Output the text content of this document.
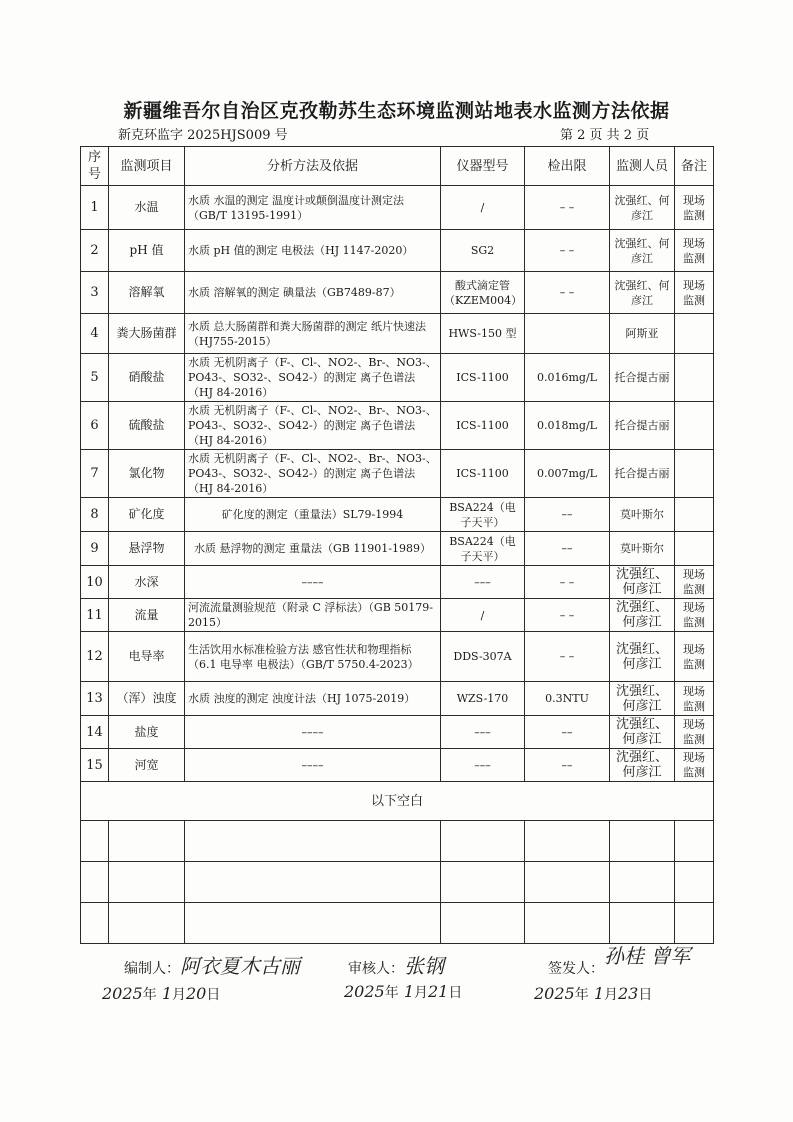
新疆维吾尔自治区克孜勒苏生态环境监测站地表水监测方法依据
新克环监字 2025HJS009 号	第 2 页 共 2 页
序号	监测项目	分析方法及依据	仪器型号	检出限	监测人员	备注
1	水温	水质 水温的测定 温度计或颠倒温度计测定法（GB/T 13195-1991）	/	– –	沈强红、何彦江	现场监测
2	pH 值	水质 pH 值的测定 电极法（HJ 1147-2020）	SG2	– –	沈强红、何彦江	现场监测
3	溶解氧	水质 溶解氧的测定 碘量法（GB7489-87）	酸式滴定管（KZEM004）	– –	沈强红、何彦江	现场监测
4	粪大肠菌群	水质 总大肠菌群和粪大肠菌群的测定 纸片快速法（HJ755-2015）	HWS-150 型		阿斯亚	
5	硝酸盐	水质 无机阴离子（F-、Cl-、NO2-、Br-、NO3-、PO43-、SO32-、SO42-）的测定 离子色谱法（HJ 84-2016）	ICS-1100	0.016mg/L	托合提古丽	
6	硫酸盐	水质 无机阴离子（F-、Cl-、NO2-、Br-、NO3-、PO43-、SO32-、SO42-）的测定 离子色谱法（HJ 84-2016）	ICS-1100	0.018mg/L	托合提古丽	
7	氯化物	水质 无机阴离子（F-、Cl-、NO2-、Br-、NO3-、PO43-、SO32-、SO42-）的测定 离子色谱法（HJ 84-2016）	ICS-1100	0.007mg/L	托合提古丽	
8	矿化度	矿化度的测定（重量法）SL79-1994	BSA224（电子天平）	––	莫叶斯尔	
9	悬浮物	水质 悬浮物的测定 重量法（GB 11901-1989）	BSA224（电子天平）	––	莫叶斯尔	
10	水深	––––	–––	– –	沈强红、何彦江	现场监测
11	流量	河流流量测验规范（附录 C 浮标法）（GB 50179-2015）	/	– –	沈强红、何彦江	现场监测
12	电导率	生活饮用水标准检验方法 感官性状和物理指标（6.1 电导率 电极法）（GB/T 5750.4-2023）	DDS-307A	– –	沈强红、何彦江	现场监测
13	（浑）浊度	水质 浊度的测定 浊度计法（HJ 1075-2019）	WZS-170	0.3NTU	沈强红、何彦江	现场监测
14	盐度	––––	–––	––	沈强红、何彦江	现场监测
15	河宽	––––	–––	––	沈强红、何彦江	现场监测
以下空白						

编制人： 阿衣夏木古丽	审核人： 张钢	签发人：
孙桂 曾军
2025年 1月20日	2025年 1月21日	2025年 1月23日
